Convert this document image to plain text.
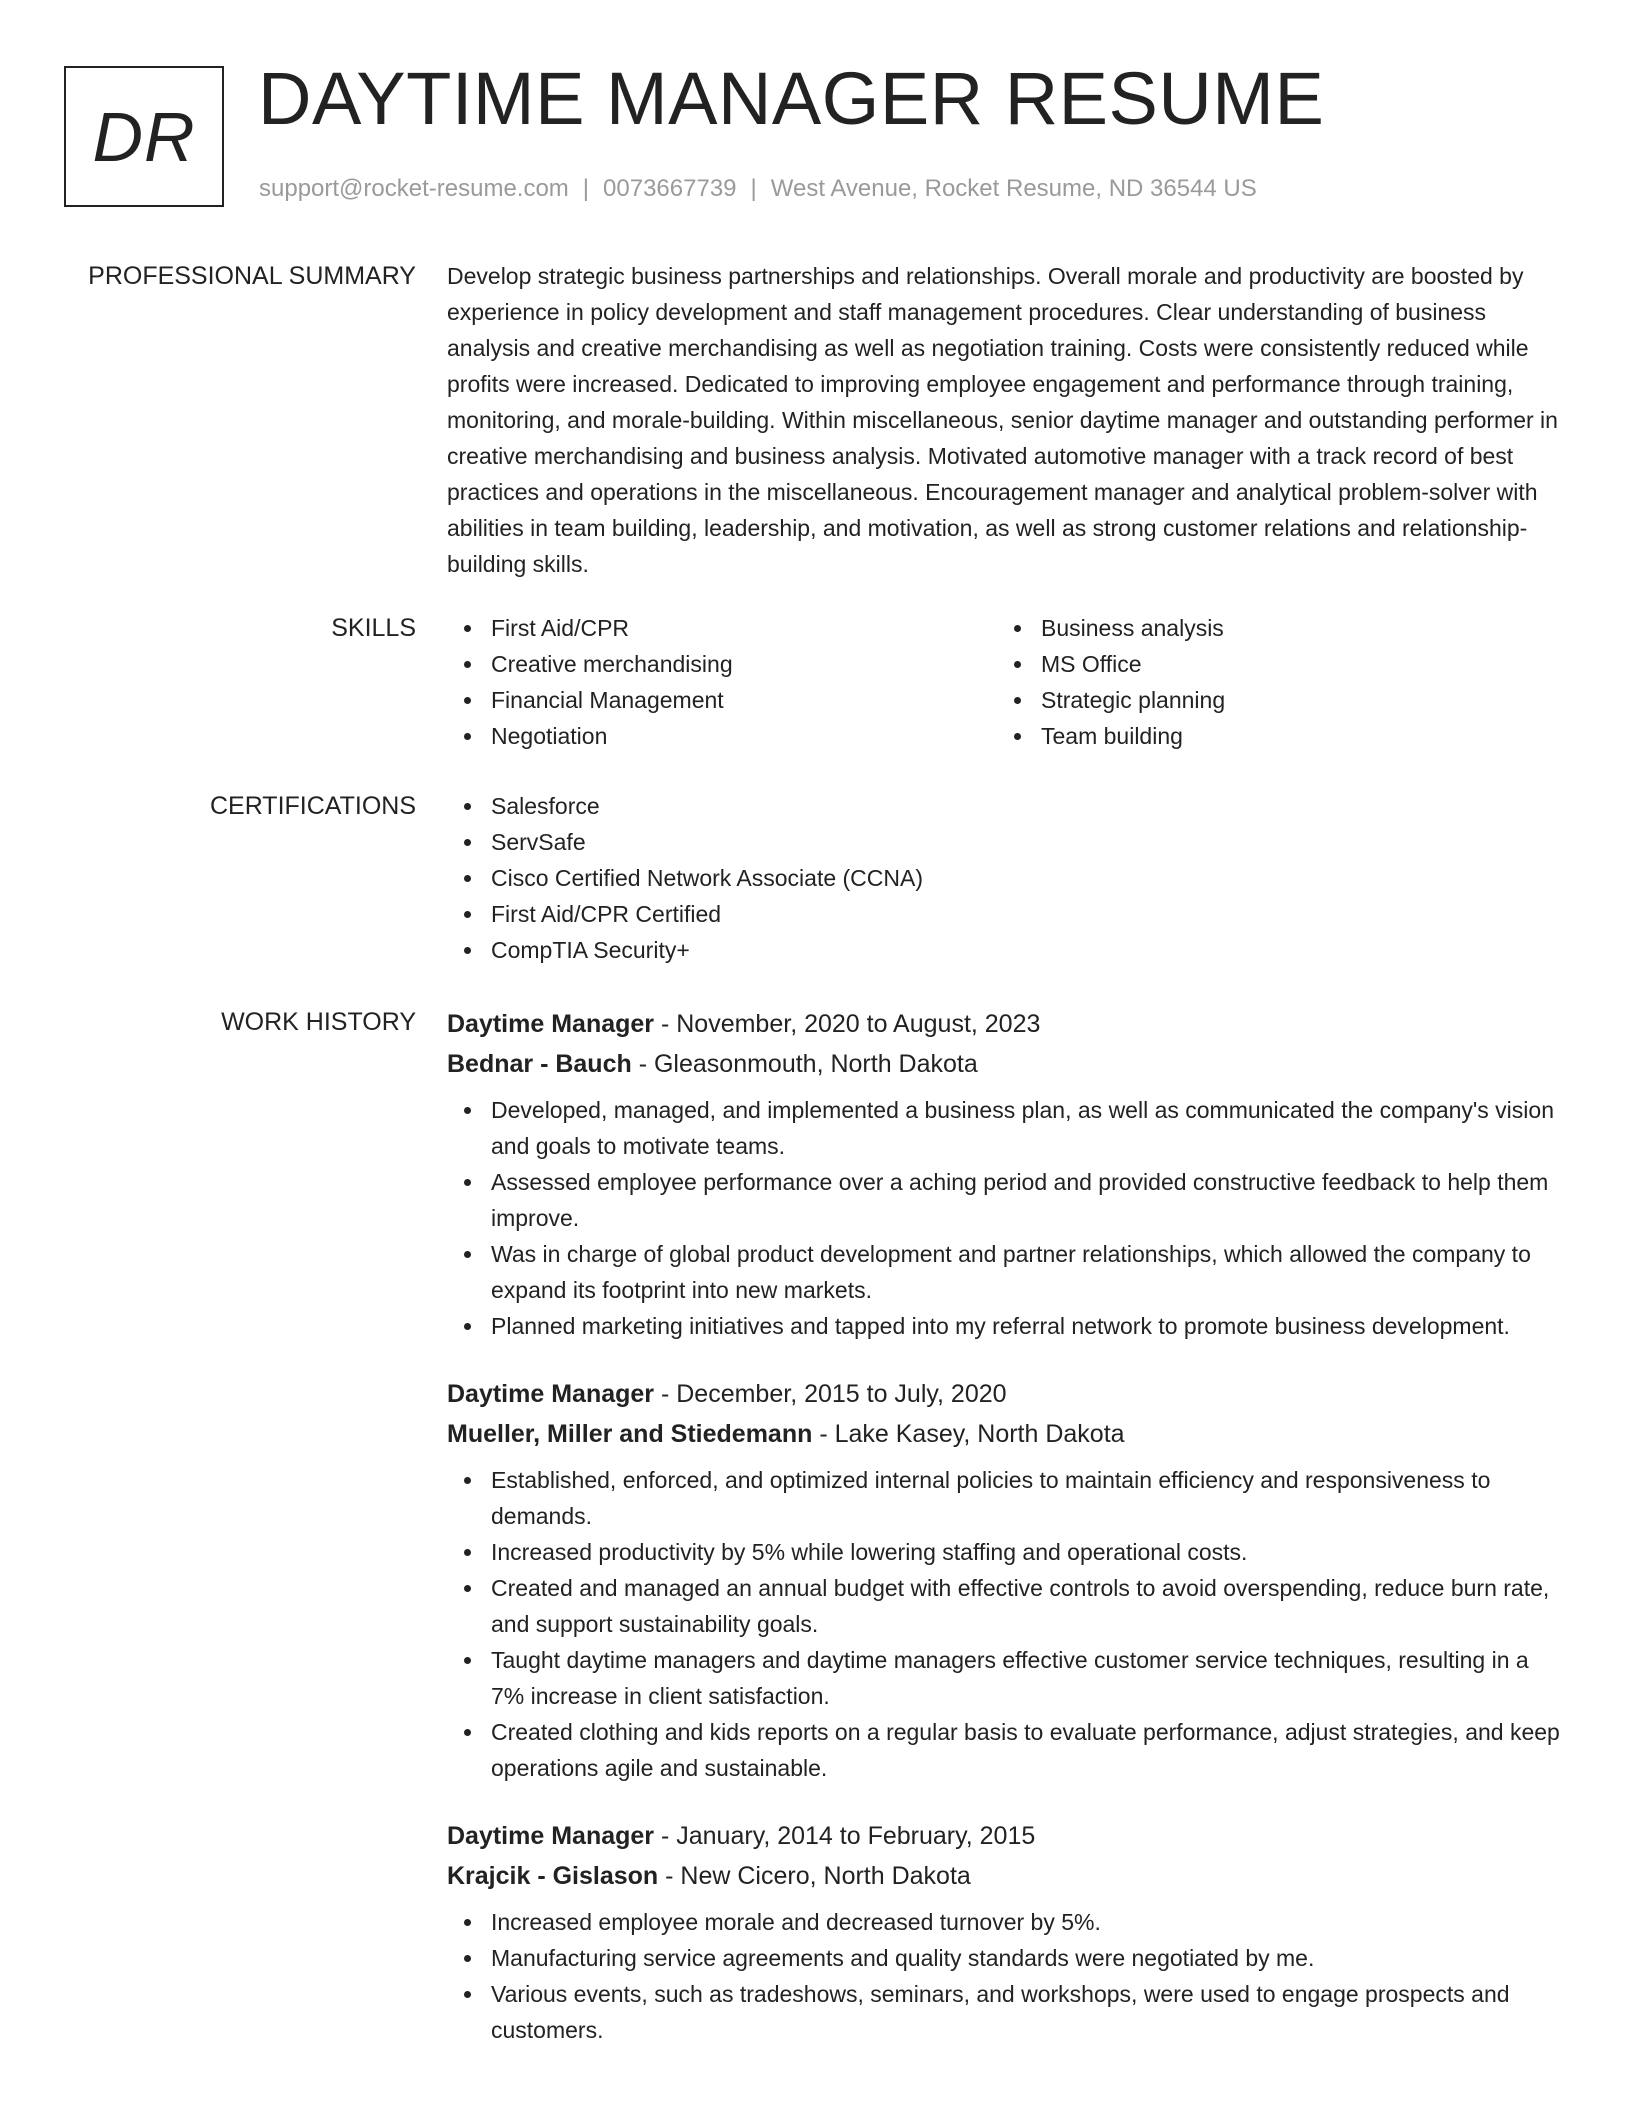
DR DAYTIME MANAGER RESUME
support@rocket-resume.com | 0073667739 | West Avenue, Rocket Resume, ND 36544 US
PROFESSIONAL SUMMARY Develop strategic business partnerships and relationships. Overall morale and productivity are boosted by experience in policy development and staff management procedures. Clear understanding of business analysis and creative merchandising as well as negotiation training. Costs were consistently reduced while profits were increased. Dedicated to improving employee engagement and performance through training, monitoring, and morale-building. Within miscellaneous, senior daytime manager and outstanding performer in creative merchandising and business analysis. Motivated automotive manager with a track record of best practices and operations in the miscellaneous. Encouragement manager and analytical problem-solver with abilities in team building, leadership, and motivation, as well as strong customer relations and relationship-building skills.

SKILLS	First Aid/CPR
Creative merchandising
Financial Management
Negotiation
Business analysis
MS Office
Strategic planning
Team building
CERTIFICATIONS	Salesforce
ServSafe
Cisco Certified Network Associate (CCNA)
First Aid/CPR Certified
CompTIA Security+
WORK HISTORY Daytime Manager - November, 2020 to August, 2023
Bednar - Bauch - Gleasonmouth, North Dakota
Developed, managed, and implemented a business plan, as well as communicated the company's vision and goals to motivate teams.
Assessed employee performance over a aching period and provided constructive feedback to help them improve.
Was in charge of global product development and partner relationships, which allowed the company to expand its footprint into new markets.
Planned marketing initiatives and tapped into my referral network to promote business development.
Daytime Manager - December, 2015 to July, 2020
Mueller, Miller and Stiedemann - Lake Kasey, North Dakota
Established, enforced, and optimized internal policies to maintain efficiency and responsiveness to demands.
Increased productivity by 5% while lowering staffing and operational costs.
Created and managed an annual budget with effective controls to avoid overspending, reduce burn rate, and support sustainability goals.
Taught daytime managers and daytime managers effective customer service techniques, resulting in a 7% increase in client satisfaction.
Created clothing and kids reports on a regular basis to evaluate performance, adjust strategies, and keep operations agile and sustainable.
Daytime Manager - January, 2014 to February, 2015
Krajcik - Gislason - New Cicero, North Dakota
Increased employee morale and decreased turnover by 5%.
Manufacturing service agreements and quality standards were negotiated by me.
Various events, such as tradeshows, seminars, and workshops, were used to engage prospects and customers.
